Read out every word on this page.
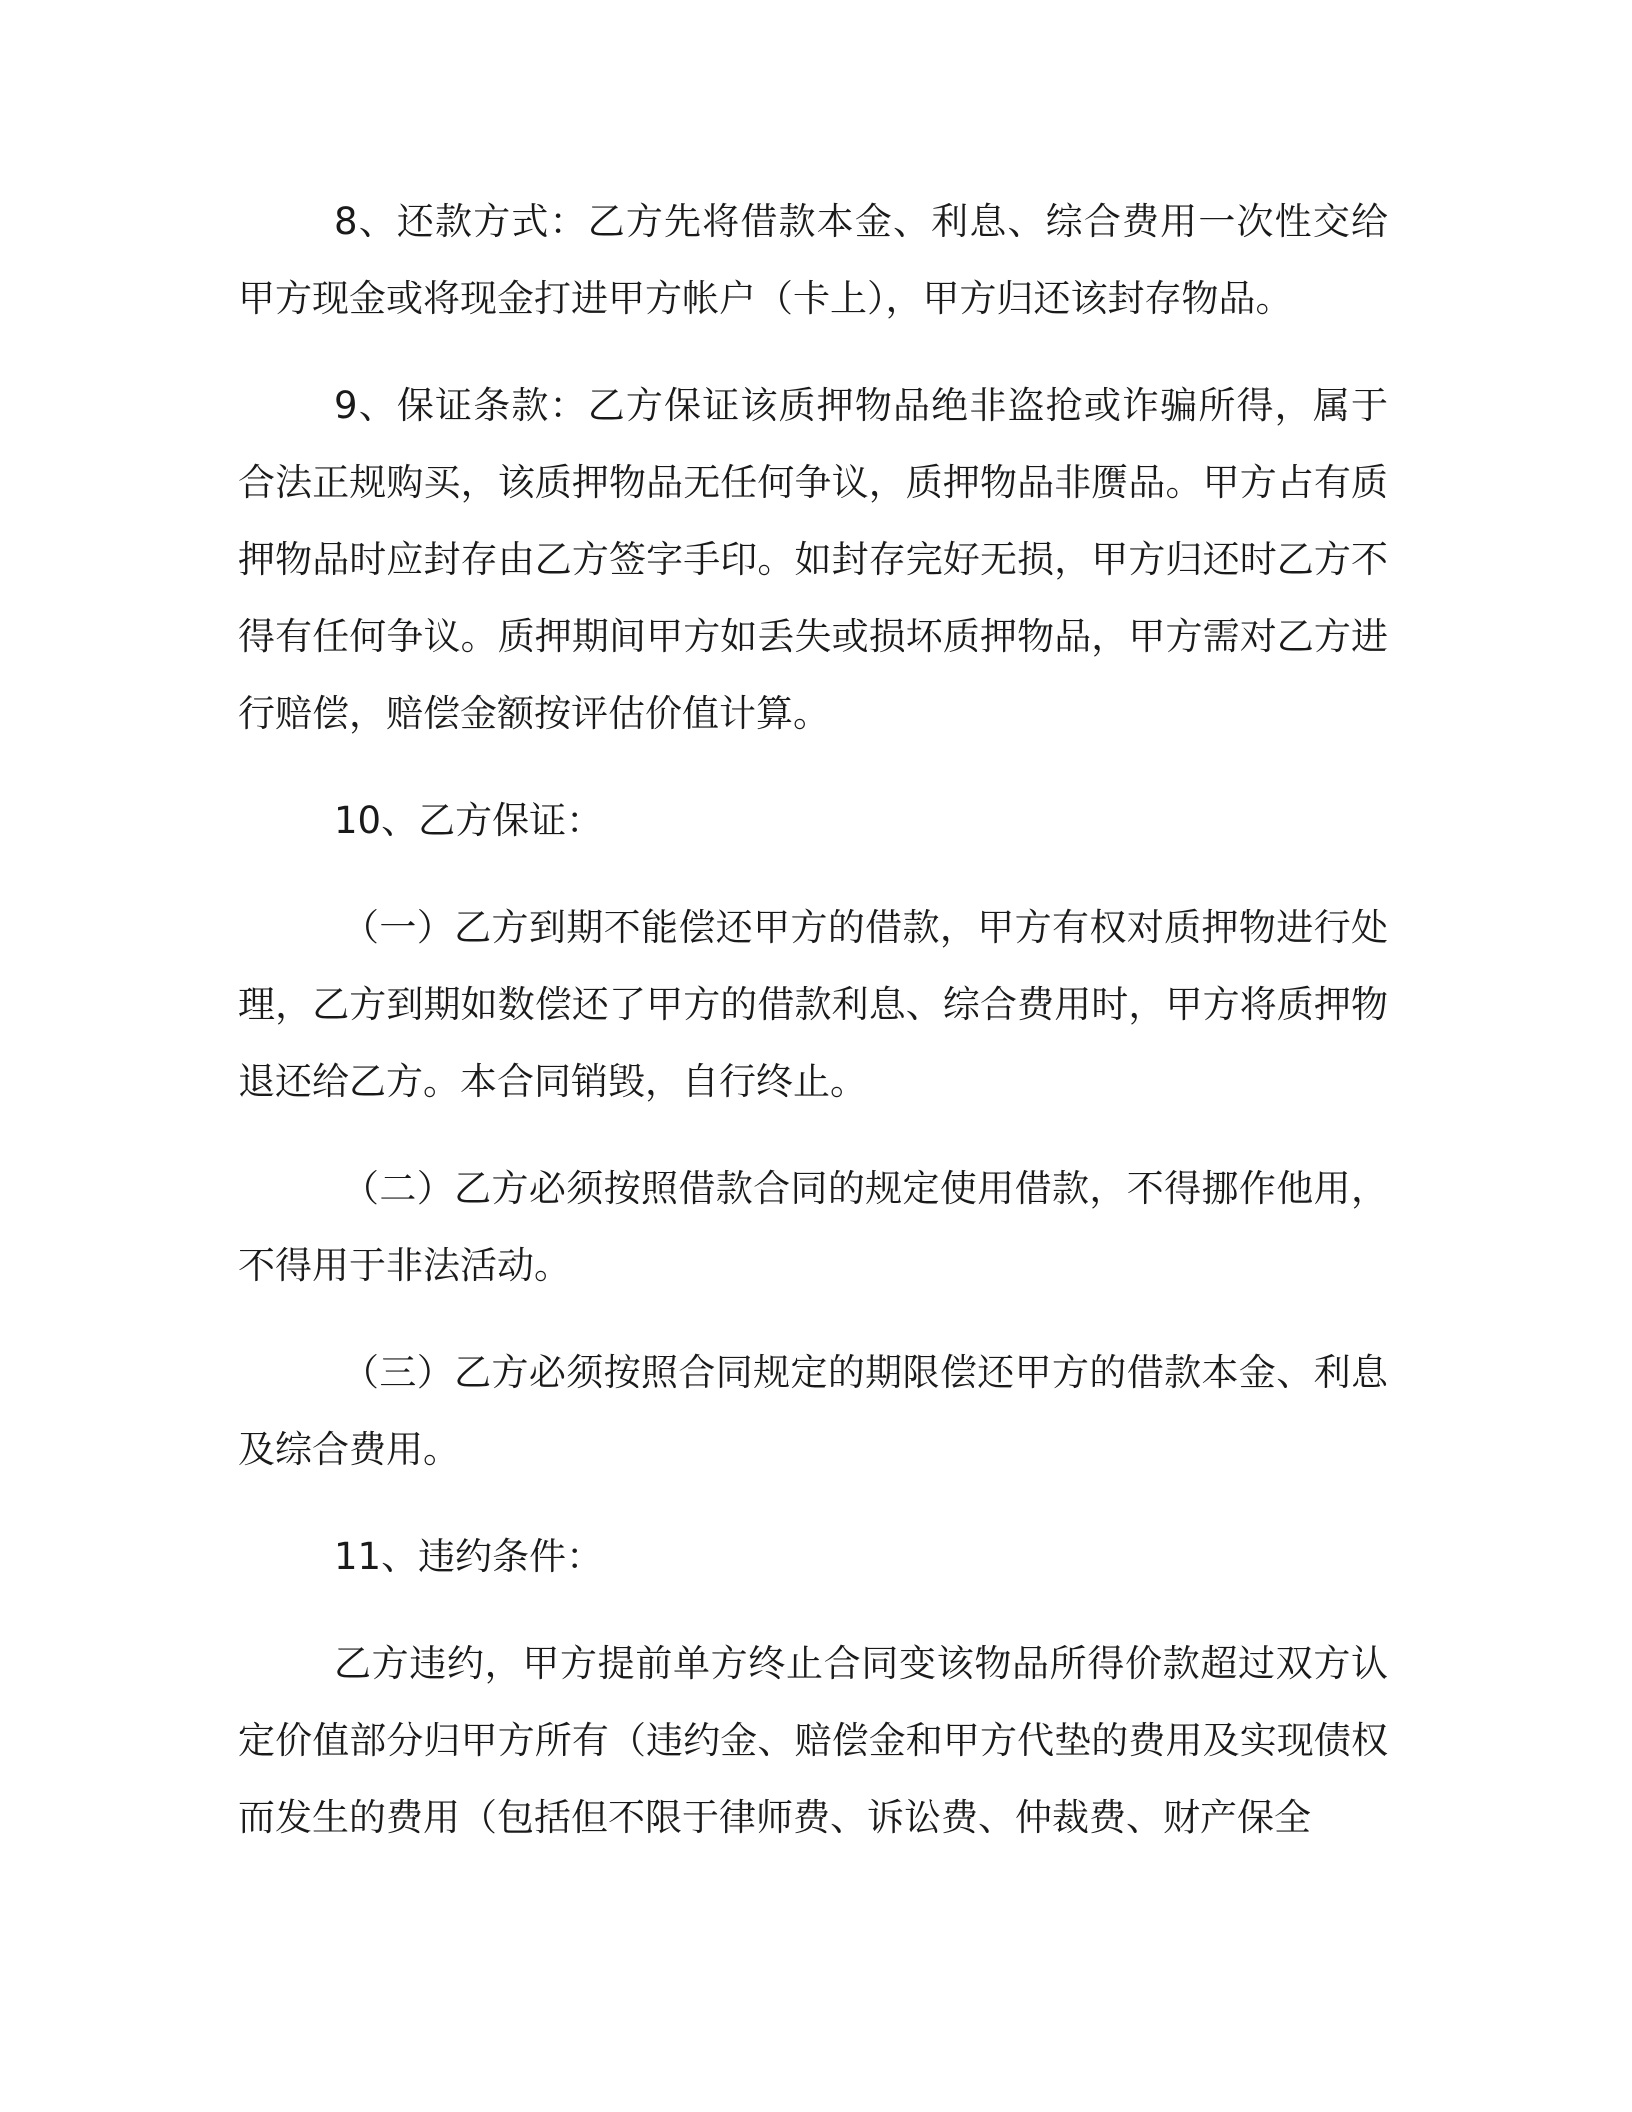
8、还款方式：乙方先将借款本金、利息、综合费用一次性交给甲方现金或将现金打进甲方帐户（卡上），甲方归还该封存物品。

9、保证条款：乙方保证该质押物品绝非盗抢或诈骗所得，属于合法正规购买，该质押物品无任何争议，质押物品非赝品。甲方占有质押物品时应封存由乙方签字手印。如封存完好无损，甲方归还时乙方不得有任何争议。质押期间甲方如丢失或损坏质押物品，甲方需对乙方进行赔偿，赔偿金额按评估价值计算。

10、乙方保证：

（一）乙方到期不能偿还甲方的借款，甲方有权对质押物进行处理，乙方到期如数偿还了甲方的借款利息、综合费用时，甲方将质押物退还给乙方。本合同销毁，自行终止。

（二）乙方必须按照借款合同的规定使用借款，不得挪作他用，不得用于非法活动。

（三）乙方必须按照合同规定的期限偿还甲方的借款本金、利息及综合费用。

11、违约条件：

乙方违约，甲方提前单方终止合同变该物品所得价款超过双方认定价值部分归甲方所有（违约金、赔偿金和甲方代垫的费用及实现债权而发生的费用（包括但不限于律师费、诉讼费、仲裁费、财产保全
